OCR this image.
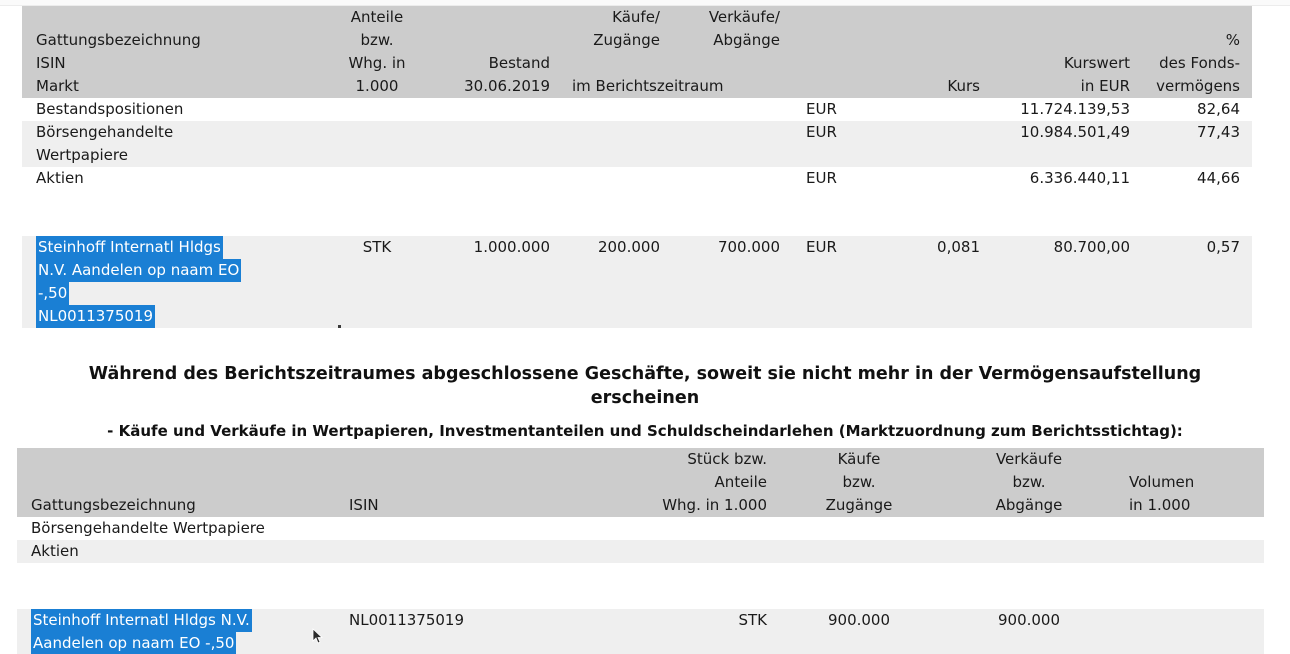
	Anteile		Käufe/	Verkäufe/				
Gattungsbezeichnung	bzw.		Zugänge	Abgänge				%
ISIN	Whg. in	Bestand					Kurswert	des Fonds-
Markt	1.000	30.06.2019	im Berichtszeitraum			Kurs	in EUR	vermögens
Bestandspositionen					EUR		11.724.139,53	82,64
Börsengehandelte					EUR		10.984.501,49	77,43
Wertpapiere								
Aktien					EUR		6.336.440,11	44,66

Steinhoff Internatl Hldgs	STK	1.000.000	200.000	700.000	EUR	0,081	80.700,00	0,57
N.V. Aandelen op naam EO								
-,50								
NL0011375019								
Während des Berichtszeitraumes abgeschlossene Geschäfte, soweit sie nicht mehr in der Vermögensaufstellung
erscheinen
- Käufe und Verkäufe in Wertpapieren, Investmentanteilen und Schuldscheindarlehen (Marktzuordnung zum Berichtsstichtag):
		Stück bzw.	Käufe	Verkäufe		
		Anteile	bzw.	bzw.	Volumen	
Gattungsbezeichnung	ISIN	Whg. in 1.000	Zugänge	Abgänge	in 1.000	
Börsengehandelte Wertpapiere						
Aktien						

Steinhoff Internatl Hldgs N.V.	NL0011375019	STK	900.000	900.000		
Aandelen op naam EO -,50						
